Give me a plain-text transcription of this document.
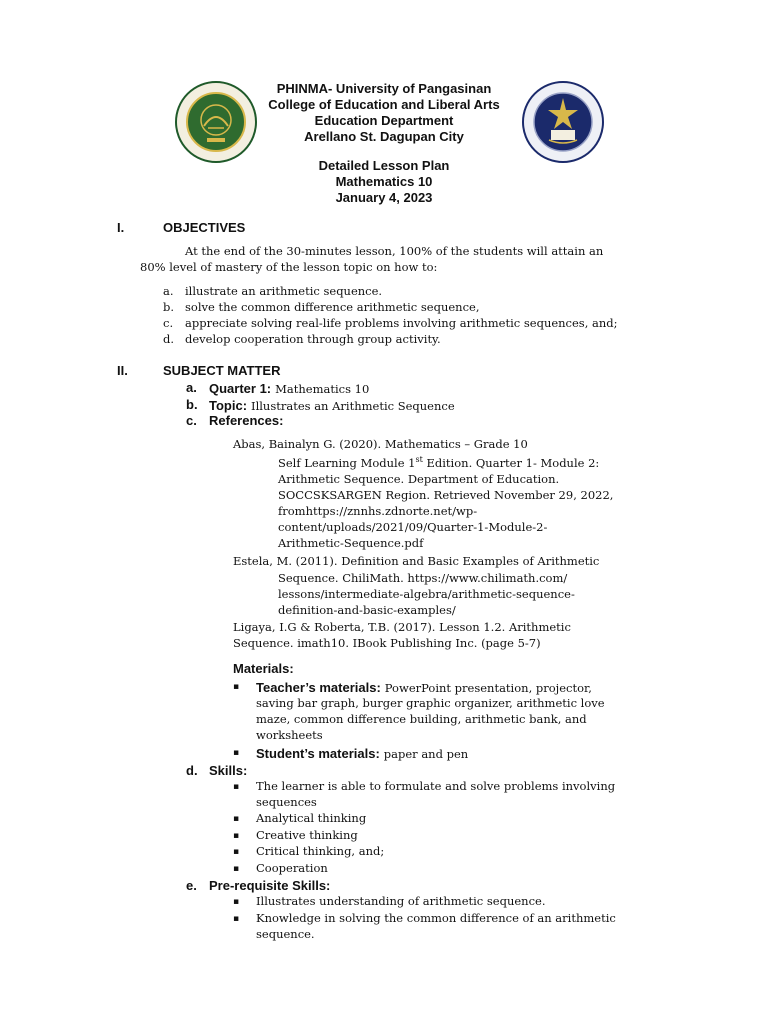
PHINMA- University of Pangasinan
College of Education and Liberal Arts
Education Department
Arellano St. Dagupan City
Detailed Lesson Plan
Mathematics 10
January 4, 2023
I.	OBJECTIVES
At the end of the 30-minutes lesson, 100% of the students will attain an
80% level of mastery of the lesson topic on how to:
a. illustrate an arithmetic sequence.
b. solve the common difference arithmetic sequence,
c. appreciate solving real-life problems involving arithmetic sequences, and;
d. develop cooperation through group activity.
II.	SUBJECT MATTER
a. Quarter 1: Mathematics 10
b. Topic: Illustrates an Arithmetic Sequence
c. References:
Abas, Bainalyn G. (2020). Mathematics – Grade 10
Self Learning Module 1st Edition. Quarter 1- Module 2:
Arithmetic Sequence. Department of Education.
SOCCSKSARGEN Region. Retrieved November 29, 2022,
fromhttps://znnhs.zdnorte.net/wp-
content/uploads/2021/09/Quarter-1-Module-2-
Arithmetic-Sequence.pdf
Estela, M. (2011). Definition and Basic Examples of Arithmetic
Sequence. ChiliMath. https://www.chilimath.com/
lessons/intermediate-algebra/arithmetic-sequence-
definition-and-basic-examples/
Ligaya, I.G & Roberta, T.B. (2017). Lesson 1.2. Arithmetic
Sequence. imath10. IBook Publishing Inc. (page 5-7)
Materials:
▪ Teacher’s materials: PowerPoint presentation, projector,
saving bar graph, burger graphic organizer, arithmetic love
maze, common difference building, arithmetic bank, and
worksheets
▪ Student’s materials: paper and pen
d. Skills:
▪ The learner is able to formulate and solve problems involving
sequences
▪ Analytical thinking
▪ Creative thinking
▪ Critical thinking, and;
▪ Cooperation
e. Pre-requisite Skills:
▪ Illustrates understanding of arithmetic sequence.
▪ Knowledge in solving the common difference of an arithmetic
sequence.
